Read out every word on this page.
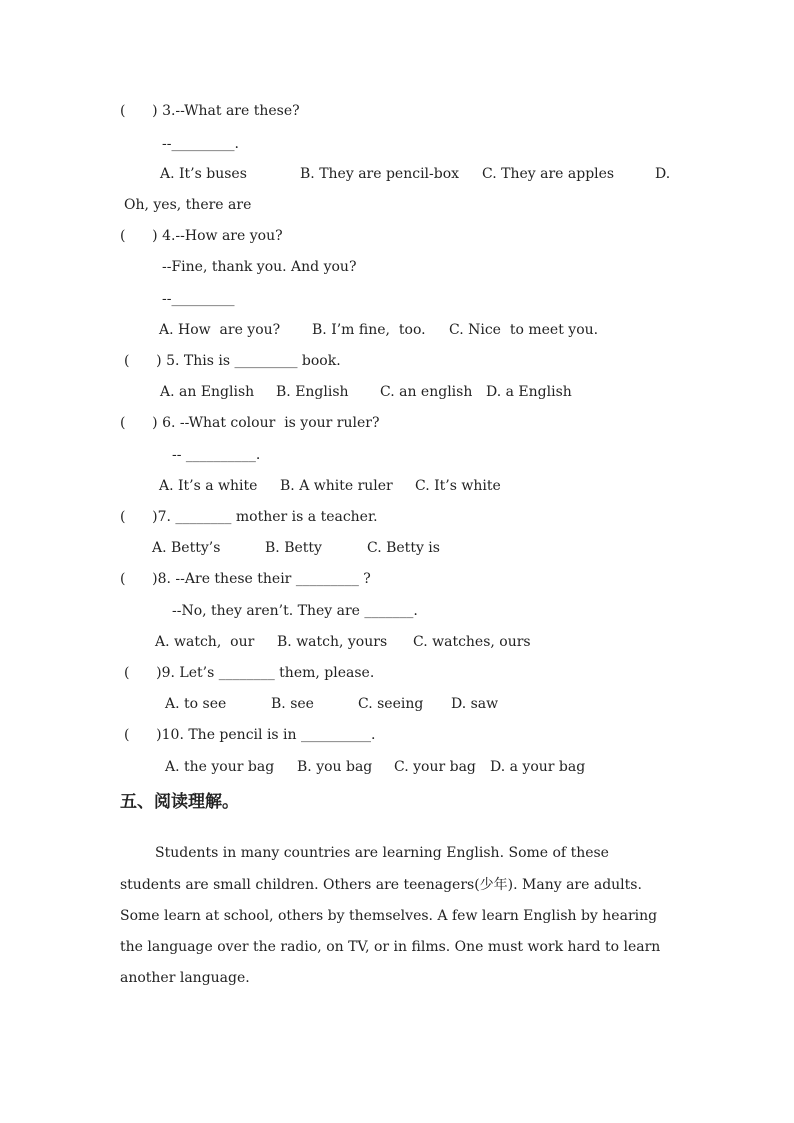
(      ) 3.--What are these?
--_________.
A. It’s buses	B. They are pencil-box C. They are apples	D.
Oh, yes, there are
(      ) 4.--How are you?
--Fine, thank you. And you?
--_________
A. How  are you? B. I’m fine,  too. C. Nice  to meet you.
(      ) 5. This is _________ book.
A. an English B. English C. an english D. a English
(      ) 6. --What colour  is your ruler?
-- __________.
A. It’s a white B. A white ruler C. It’s white
(      )7. ________ mother is a teacher.
A. Betty’s	B. Betty	C. Betty is
(      )8. --Are these their _________ ?
--No, they aren’t. They are _______.
A. watch,  our B. watch, yours C. watches, ours
(      )9. Let’s ________ them, please.
A. to see	B. see	C. seeing D. saw
(      )10. The pencil is in __________.
A. the your bag B. you bag C. your bag D. a your bag
五、阅读理解。
Students in many countries are learning English. Some of these
students are small children. Others are teenagers(少年). Many are adults.
Some learn at school, others by themselves. A few learn English by hearing
the language over the radio, on TV, or in films. One must work hard to learn
another language.
